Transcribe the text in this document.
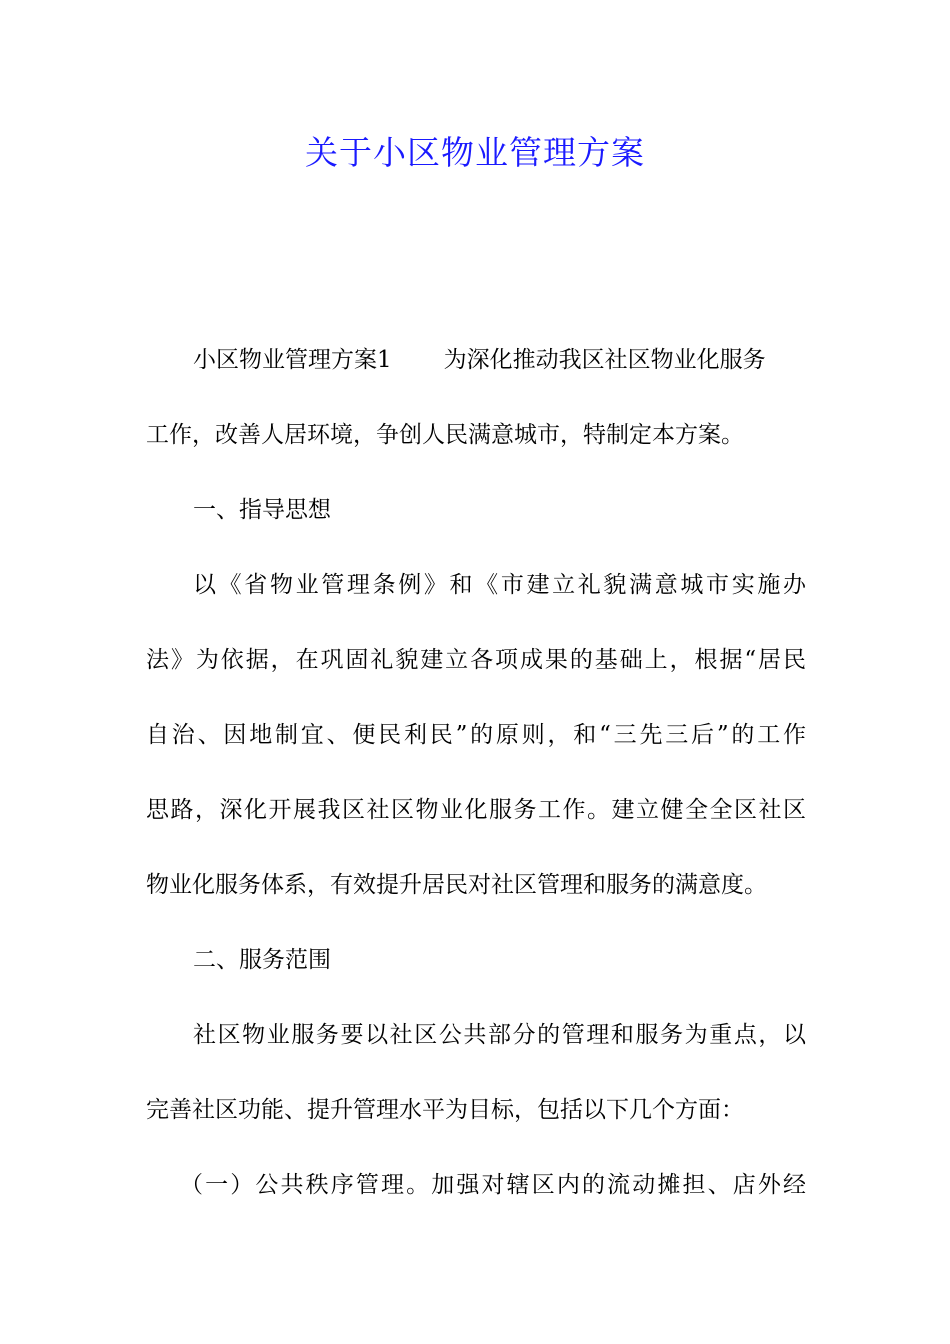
关于小区物业管理方案
小区物业管理方案1 为深化推动我区社区物业化服务
工作，改善人居环境，争创人民满意城市，特制定本方案。
一、指导思想
以《省物业管理条例》和《市建立礼貌满意城市实施办
法》为依据，在巩固礼貌建立各项成果的基础上，根据“居民
自治、因地制宜、便民利民”的原则，和“三先三后”的工作
思路，深化开展我区社区物业化服务工作。建立健全全区社区
物业化服务体系，有效提升居民对社区管理和服务的满意度。
二、服务范围
社区物业服务要以社区公共部分的管理和服务为重点，以
完善社区功能、提升管理水平为目标，包括以下几个方面：
（一）公共秩序管理。加强对辖区内的流动摊担、店外经
